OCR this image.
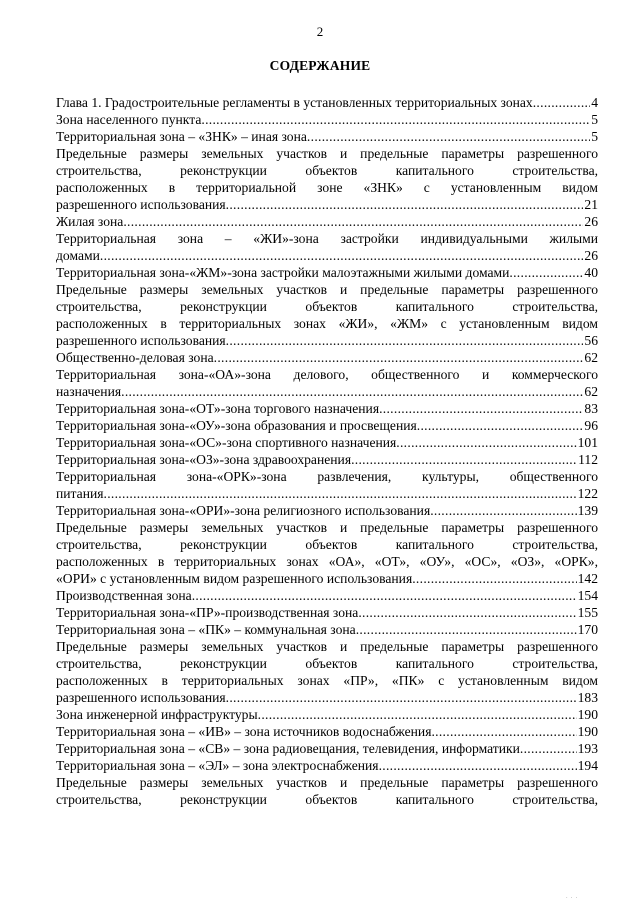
2
СОДЕРЖАНИЕ
Глава 1. Градостроительные регламенты в установленных территориальных зонах .....	4
Зона населенного пункта .....	5
Территориальная зона – «ЗНК» – иная зона .....	5
Предельные размеры земельных участков и предельные параметры разрешенного
строительства, реконструкции объектов капитального строительства,
расположенных в территориальной зоне «ЗНК» с установленным видом
разрешенного использования .....	21
Жилая зона .....	26
Территориальная зона – «ЖИ»-зона застройки индивидуальными жилыми
домами .....	26
Территориальная зона-«ЖМ»-зона застройки малоэтажными жилыми домами .....	40
Предельные размеры земельных участков и предельные параметры разрешенного
строительства, реконструкции объектов капитального строительства,
расположенных в территориальных зонах «ЖИ», «ЖМ» с установленным видом
разрешенного использования .....	56
Общественно-деловая зона .....	62
Территориальная зона-«ОА»-зона делового, общественного и коммерческого
назначения .....	62
Территориальная зона-«ОТ»-зона торгового назначения .....	83
Территориальная зона-«ОУ»-зона образования и просвещения .....	96
Территориальная зона-«ОС»-зона спортивного назначения .....	101
Территориальная зона-«ОЗ»-зона здравоохранения .....	112
Территориальная зона-«ОРК»-зона развлечения, культуры, общественного
питания .....	122
Территориальная зона-«ОРИ»-зона религиозного использования .....	139
Предельные размеры земельных участков и предельные параметры разрешенного
строительства, реконструкции объектов капитального строительства,
расположенных в территориальных зонах «ОА», «ОТ», «ОУ», «ОС», «ОЗ», «ОРК»,
«ОРИ» с установленным видом разрешенного использования .....	142
Производственная зона .....	154
Территориальная зона-«ПР»-производственная зона .....	155
Территориальная зона – «ПК» – коммунальная зона .....	170
Предельные размеры земельных участков и предельные параметры разрешенного
строительства, реконструкции объектов капитального строительства,
расположенных в территориальных зонах «ПР», «ПК» с установленным видом
разрешенного использования .....	183
Зона инженерной инфраструктуры .....	190
Территориальная зона – «ИВ» – зона источников водоснабжения .....	190
Территориальная зона – «СВ» – зона радиовещания, телевидения, информатики .....	193
Территориальная зона – «ЭЛ» – зона электроснабжения .....	194
Предельные размеры земельных участков и предельные параметры разрешенного
строительства, реконструкции объектов капитального строительства,
· · ·
